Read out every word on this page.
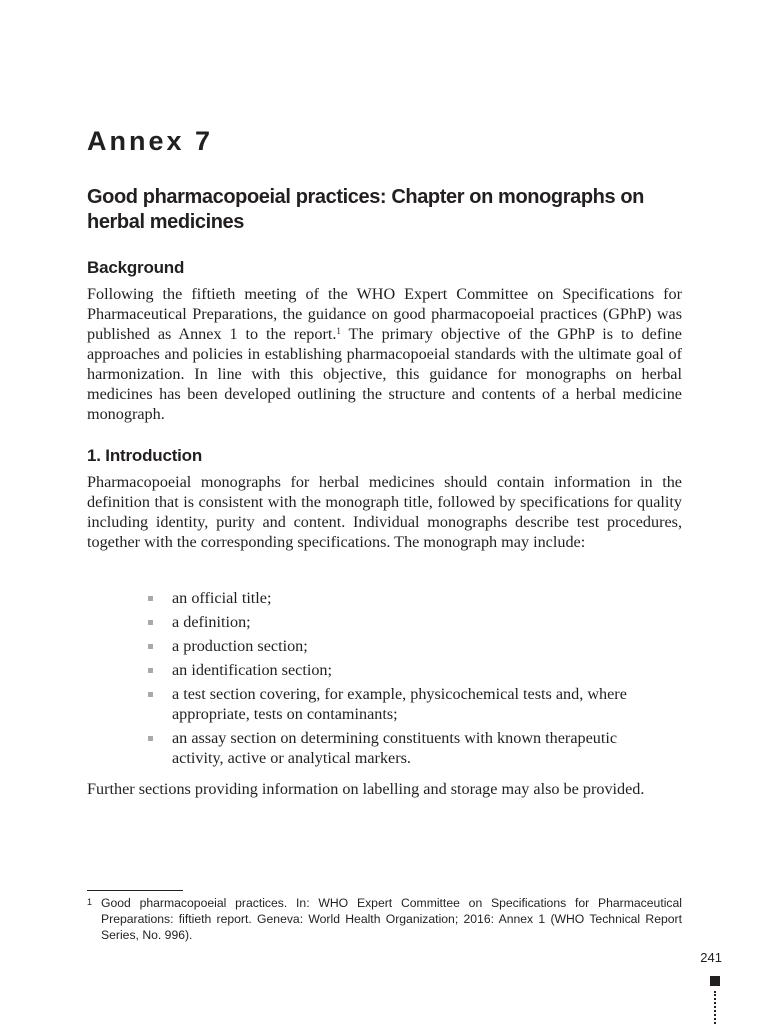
Annex 7
Good pharmacopoeial practices: Chapter on monographs on herbal medicines
Background

Following the fiftieth meeting of the WHO Expert Committee on Specifications for Pharmaceutical Preparations, the guidance on good pharmacopoeial practices (GPhP) was published as Annex 1 to the report.$^1$ The primary objective of the GPhP is to define approaches and policies in establishing pharmacopoeial standards with the ultimate goal of harmonization. In line with this objective, this guidance for monographs on herbal medicines has been developed outlining the structure and contents of a herbal medicine monograph.

1. Introduction

Pharmacopoeial monographs for herbal medicines should contain information in the definition that is consistent with the monograph title, followed by specifications for quality including identity, purity and content. Individual monographs describe test procedures, together with the corresponding specifications. The monograph may include:

an official title;
a definition;
a production section;
an identification section;
a test section covering, for example, physicochemical tests and, where appropriate, tests on contaminants;
an assay section on determining constituents with known therapeutic activity, active or analytical markers.

Further sections providing information on labelling and storage may also be provided.

1 Good pharmacopoeial practices. In: WHO Expert Committee on Specifications for Pharmaceutical Preparations: fiftieth report. Geneva: World Health Organization; 2016: Annex 1 (WHO Technical Report Series, No. 996).

241
